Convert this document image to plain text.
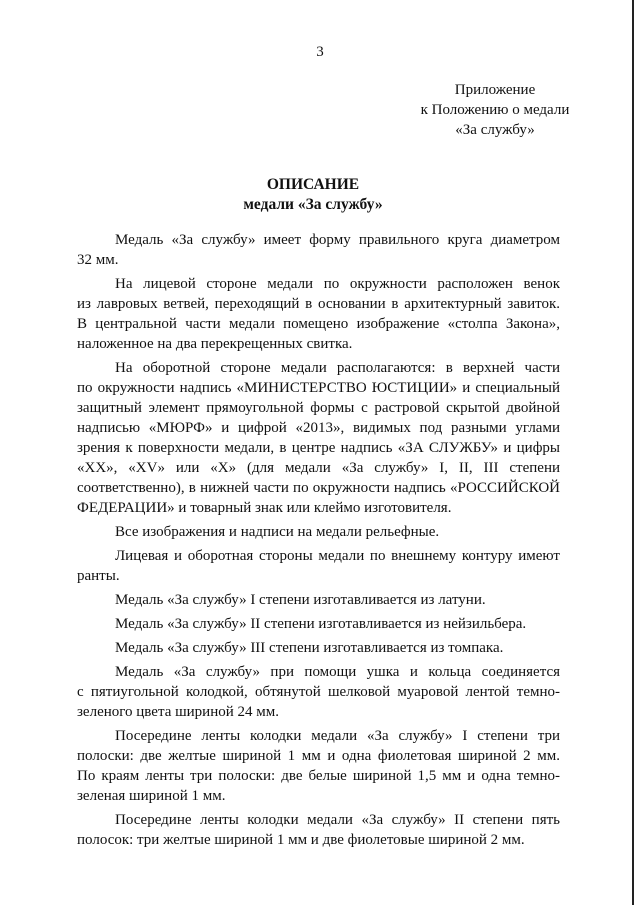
3
Приложение
к Положению о медали
«За службу»
ОПИСАНИЕ
медали «За службу»
Медаль «За службу» имеет форму правильного круга диаметром
32 мм.
На лицевой стороне медали по окружности расположен венок
из лавровых ветвей, переходящий в основании в архитектурный завиток.
В центральной части медали помещено изображение «столпа Закона»,
наложенное на два перекрещенных свитка.
На оборотной стороне медали располагаются: в верхней части
по окружности надпись «МИНИСТЕРСТВО ЮСТИЦИИ» и специальный
защитный элемент прямоугольной формы с растровой скрытой двойной
надписью «МЮРФ» и цифрой «2013», видимых под разными углами
зрения к поверхности медали, в центре надпись «ЗА СЛУЖБУ» и цифры
«XX», «XV» или «X» (для медали «За службу» I, II, III степени
соответственно), в нижней части по окружности надпись «РОССИЙСКОЙ
ФЕДЕРАЦИИ» и товарный знак или клеймо изготовителя.
Все изображения и надписи на медали рельефные.
Лицевая и оборотная стороны медали по внешнему контуру имеют
ранты.
Медаль «За службу» I степени изготавливается из латуни.
Медаль «За службу» II степени изготавливается из нейзильбера.
Медаль «За службу» III степени изготавливается из томпака.
Медаль «За службу» при помощи ушка и кольца соединяется
с пятиугольной колодкой, обтянутой шелковой муаровой лентой темно-
зеленого цвета шириной 24 мм.
Посередине ленты колодки медали «За службу» I степени три
полоски: две желтые шириной 1 мм и одна фиолетовая шириной 2 мм.
По краям ленты три полоски: две белые шириной 1,5 мм и одна темно-
зеленая шириной 1 мм.
Посередине ленты колодки медали «За службу» II степени пять
полосок: три желтые шириной 1 мм и две фиолетовые шириной 2 мм.
